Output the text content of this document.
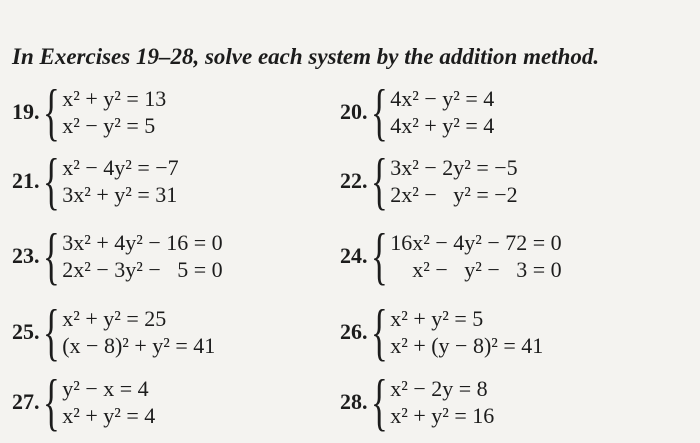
In Exercises 19–28, solve each system by the addition method.
19. { x² + y² = 13
x² − y² = 5
20. { 4x² − y² = 4
4x² + y² = 4
21. { x² − 4y² = −7
3x² + y² = 31
22. { 3x² − 2y² = −5
2x² −   y² = −2
23. { 3x² + 4y² − 16 = 0
2x² − 3y² −   5 = 0
24. { 16x² − 4y² − 72 = 0
x² −   y² −   3 = 0
25. { x² + y² = 25
(x − 8)² + y² = 41
26. { x² + y² = 5
x² + (y − 8)² = 41
27. { y² − x = 4
x² + y² = 4
28. { x² − 2y = 8
x² + y² = 16
